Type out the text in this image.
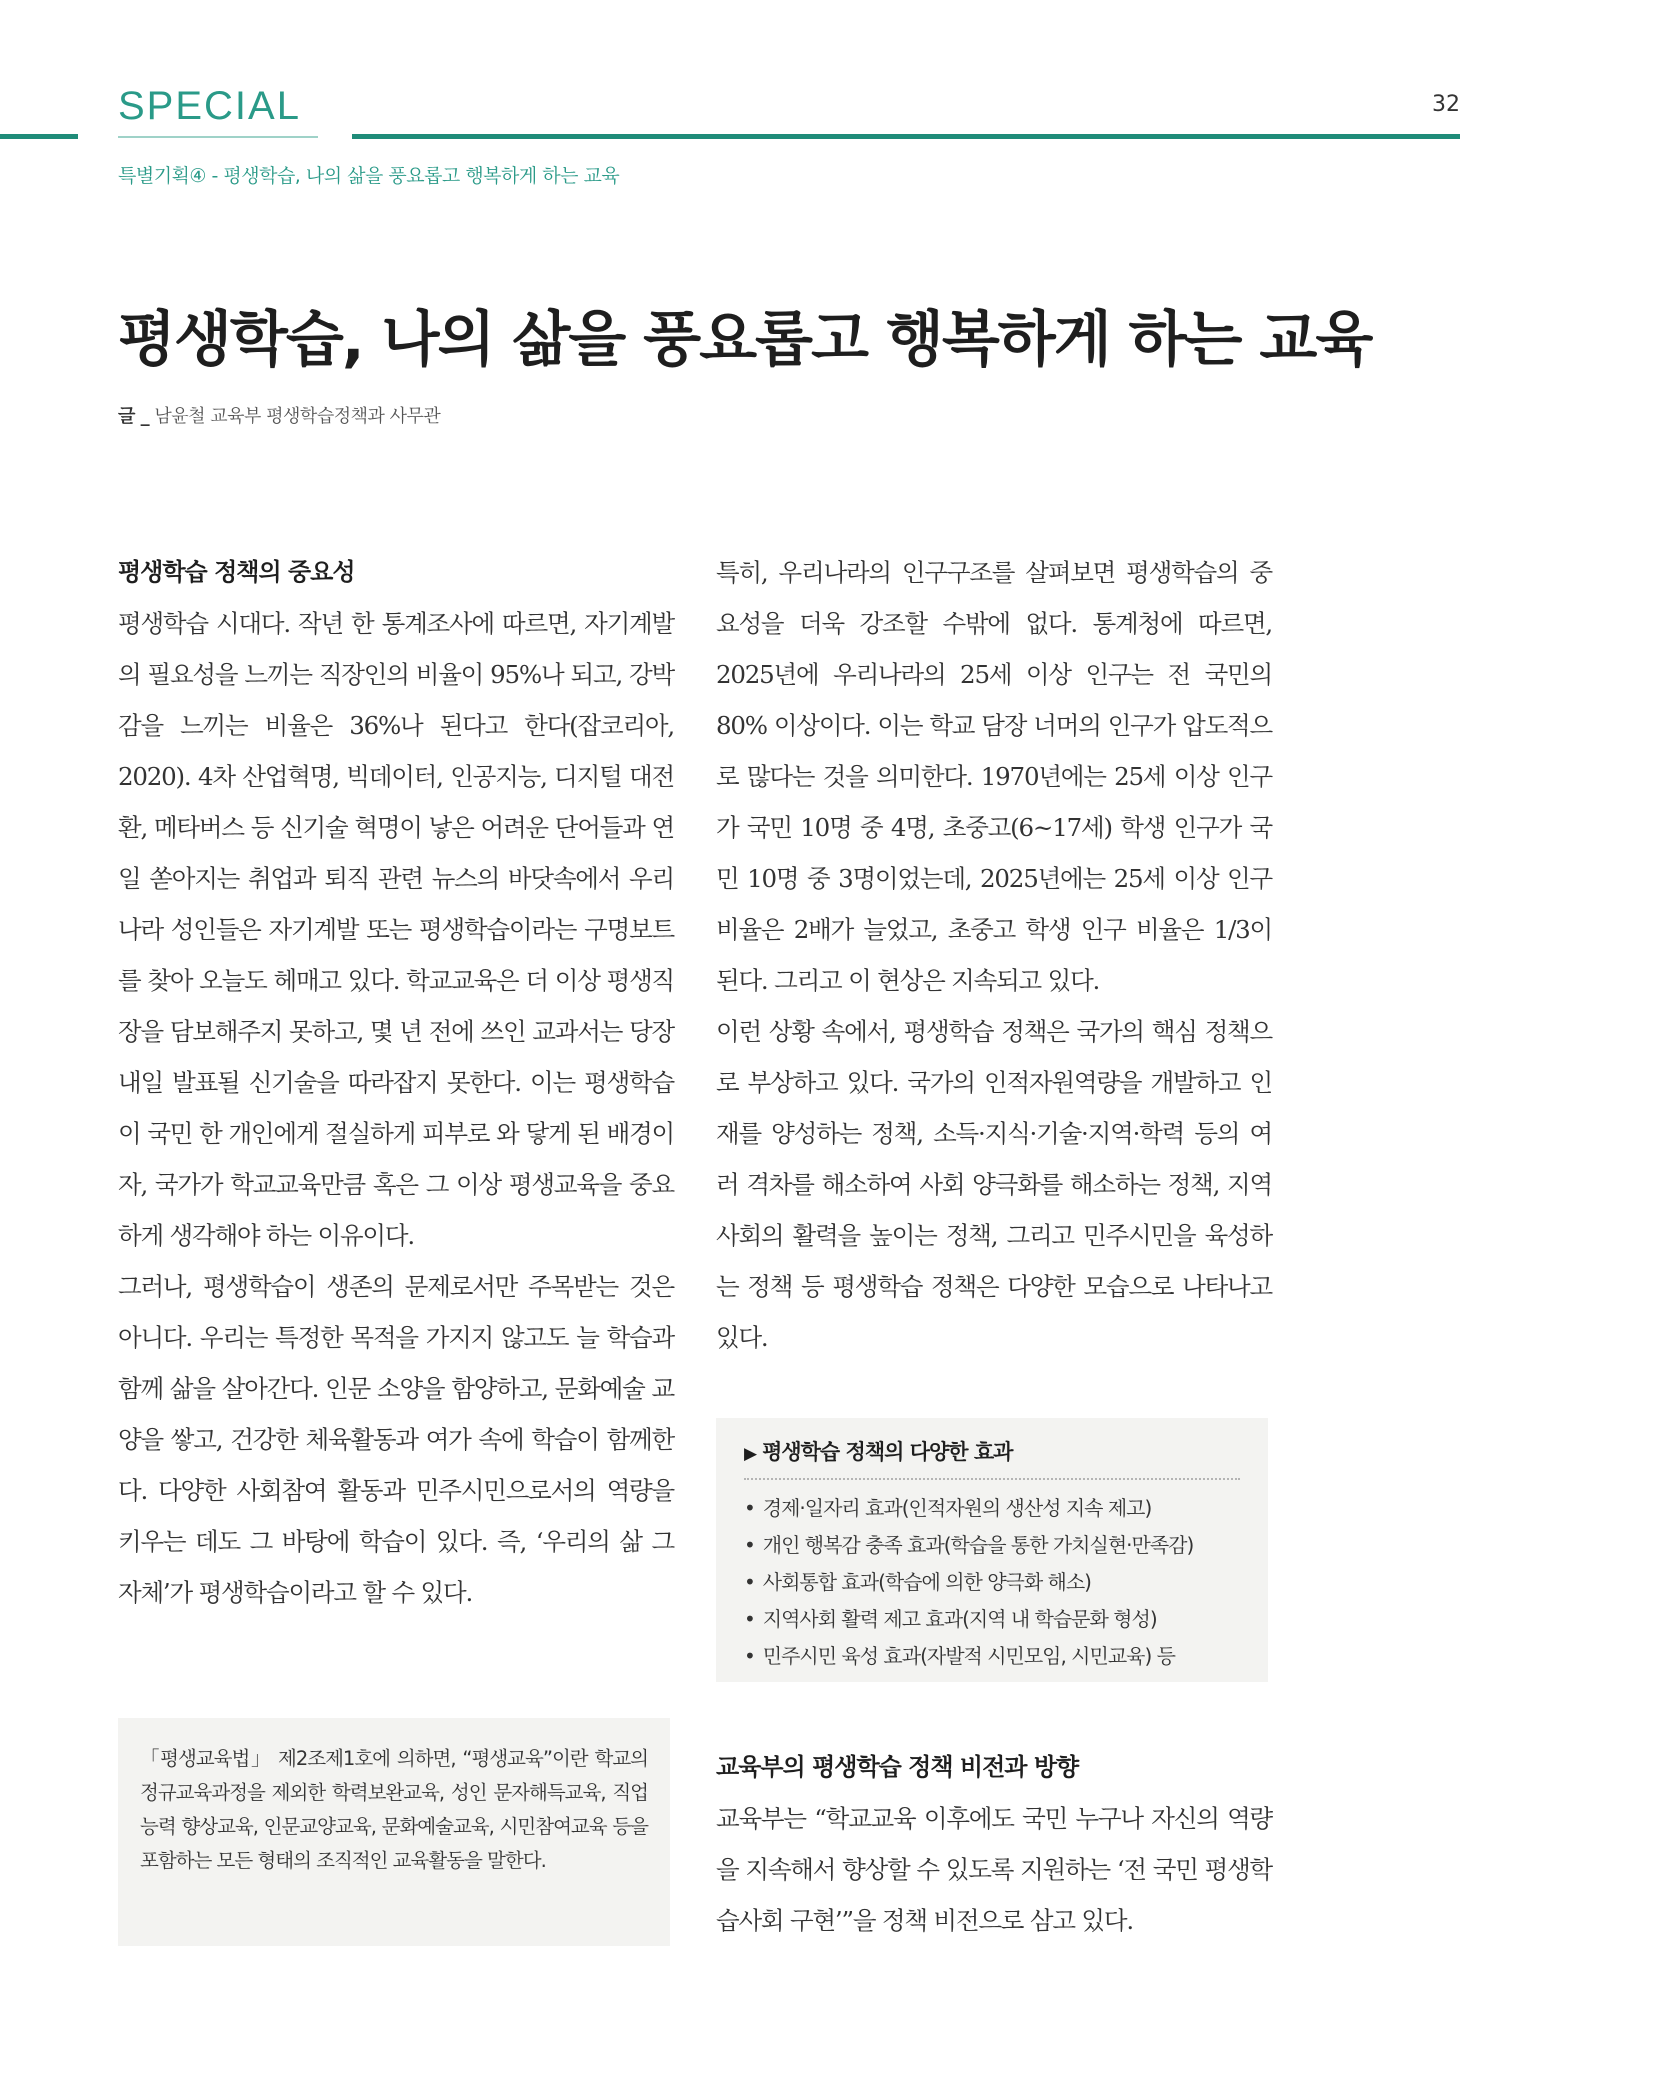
SPECIAL	32
특별기획④ - 평생학습, 나의 삶을 풍요롭고 행복하게 하는 교육
평생학습, 나의 삶을 풍요롭고 행복하게 하는 교육
글 _ 남윤철 교육부 평생학습정책과 사무관
평생학습 정책의 중요성

평생학습 시대다. 작년 한 통계조사에 따르면, 자기계발의 필요성을 느끼는 직장인의 비율이 95%나 되고, 강박감을 느끼는 비율은 36%나 된다고 한다(잡코리아, 2020). 4차 산업혁명, 빅데이터, 인공지능, 디지털 대전환, 메타버스 등 신기술 혁명이 낳은 어려운 단어들과 연일 쏟아지는 취업과 퇴직 관련 뉴스의 바닷속에서 우리나라 성인들은 자기계발 또는 평생학습이라는 구명보트를 찾아 오늘도 헤매고 있다. 학교교육은 더 이상 평생직장을 담보해주지 못하고, 몇 년 전에 쓰인 교과서는 당장 내일 발표될 신기술을 따라잡지 못한다. 이는 평생학습이 국민 한 개인에게 절실하게 피부로 와 닿게 된 배경이자, 국가가 학교교육만큼 혹은 그 이상 평생교육을 중요하게 생각해야 하는 이유이다.

그러나, 평생학습이 생존의 문제로서만 주목받는 것은 아니다. 우리는 특정한 목적을 가지지 않고도 늘 학습과 함께 삶을 살아간다. 인문 소양을 함양하고, 문화예술 교양을 쌓고, 건강한 체육활동과 여가 속에 학습이 함께한다. 다양한 사회참여 활동과 민주시민으로서의 역량을 키우는 데도 그 바탕에 학습이 있다. 즉, ‘우리의 삶 그 자체’가 평생학습이라고 할 수 있다.

「평생교육법」 제2조제1호에 의하면, “평생교육”이란 학교의 정규교육과정을 제외한 학력보완교육, 성인 문자해득교육, 직업능력 향상교육, 인문교양교육, 문화예술교육, 시민참여교육 등을 포함하는 모든 형태의 조직적인 교육활동을 말한다.

특히, 우리나라의 인구구조를 살펴보면 평생학습의 중요성을 더욱 강조할 수밖에 없다. 통계청에 따르면, 2025년에 우리나라의 25세 이상 인구는 전 국민의 80% 이상이다. 이는 학교 담장 너머의 인구가 압도적으로 많다는 것을 의미한다. 1970년에는 25세 이상 인구가 국민 10명 중 4명, 초중고(6~17세) 학생 인구가 국민 10명 중 3명이었는데, 2025년에는 25세 이상 인구 비율은 2배가 늘었고, 초중고 학생 인구 비율은 1/3이 된다. 그리고 이 현상은 지속되고 있다.

이런 상황 속에서, 평생학습 정책은 국가의 핵심 정책으로 부상하고 있다. 국가의 인적자원역량을 개발하고 인재를 양성하는 정책, 소득·지식·기술·지역·학력 등의 여러 격차를 해소하여 사회 양극화를 해소하는 정책, 지역사회의 활력을 높이는 정책, 그리고 민주시민을 육성하는 정책 등 평생학습 정책은 다양한 모습으로 나타나고 있다.

▶ 평생학습 정책의 다양한 효과
• 경제·일자리 효과(인적자원의 생산성 지속 제고)
• 개인 행복감 충족 효과(학습을 통한 가치실현·만족감)
• 사회통합 효과(학습에 의한 양극화 해소)
• 지역사회 활력 제고 효과(지역 내 학습문화 형성)
• 민주시민 육성 효과(자발적 시민모임, 시민교육) 등
교육부의 평생학습 정책 비전과 방향

교육부는 “학교교육 이후에도 국민 누구나 자신의 역량을 지속해서 향상할 수 있도록 지원하는 ‘전 국민 평생학습사회 구현’”을 정책 비전으로 삼고 있다.
